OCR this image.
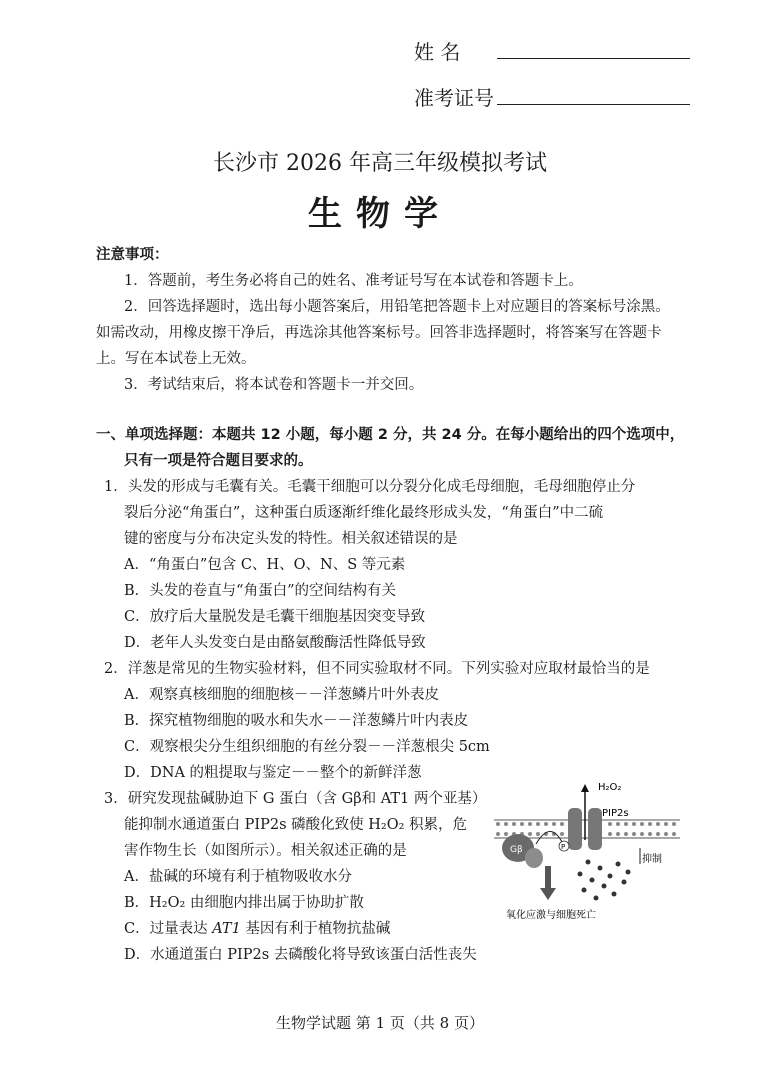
姓 名
准考证号
长沙市 2026 年高三年级模拟考试
生物学
注意事项：
1．答题前，考生务必将自己的姓名、准考证号写在本试卷和答题卡上。
2．回答选择题时，选出每小题答案后，用铅笔把答题卡上对应题目的答案标号涂黑。
如需改动，用橡皮擦干净后，再选涂其他答案标号。回答非选择题时，将答案写在答题卡
上。写在本试卷上无效。
3．考试结束后，将本试卷和答题卡一并交回。
一、单项选择题：本题共 12 小题，每小题 2 分，共 24 分。在每小题给出的四个选项中，
只有一项是符合题目要求的。
1．头发的形成与毛囊有关。毛囊干细胞可以分裂分化成毛母细胞，毛母细胞停止分
裂后分泌“角蛋白”，这种蛋白质逐渐纤维化最终形成头发，“角蛋白”中二硫
键的密度与分布决定头发的特性。相关叙述错误的是
A．“角蛋白”包含 C、H、O、N、S 等元素
B．头发的卷直与“角蛋白”的空间结构有关
C．放疗后大量脱发是毛囊干细胞基因突变导致
D．老年人头发变白是由酪氨酸酶活性降低导致
2．洋葱是常见的生物实验材料，但不同实验取材不同。下列实验对应取材最恰当的是
A．观察真核细胞的细胞核－－洋葱鳞片叶外表皮
B．探究植物细胞的吸水和失水－－洋葱鳞片叶内表皮
C．观察根尖分生组织细胞的有丝分裂－－洋葱根尖 5cm
D．DNA 的粗提取与鉴定－－整个的新鲜洋葱
3．研究发现盐碱胁迫下 G 蛋白（含 Gβ和 AT1 两个亚基）
能抑制水通道蛋白 PIP2s 磷酸化致使 H₂O₂ 积累，危
害作物生长（如图所示）。相关叙述正确的是
A．盐碱的环境有利于植物吸收水分
B．H₂O₂ 由细胞内排出属于协助扩散
C．过量表达 AT1 基因有利于植物抗盐碱
D．水通道蛋白 PIP2s 去磷酸化将导致该蛋白活性丧失
H₂O₂
PIP2s
P
Gβ
抑制
氧化应激与细胞死亡
生物学试题 第 1 页（共 8 页）
